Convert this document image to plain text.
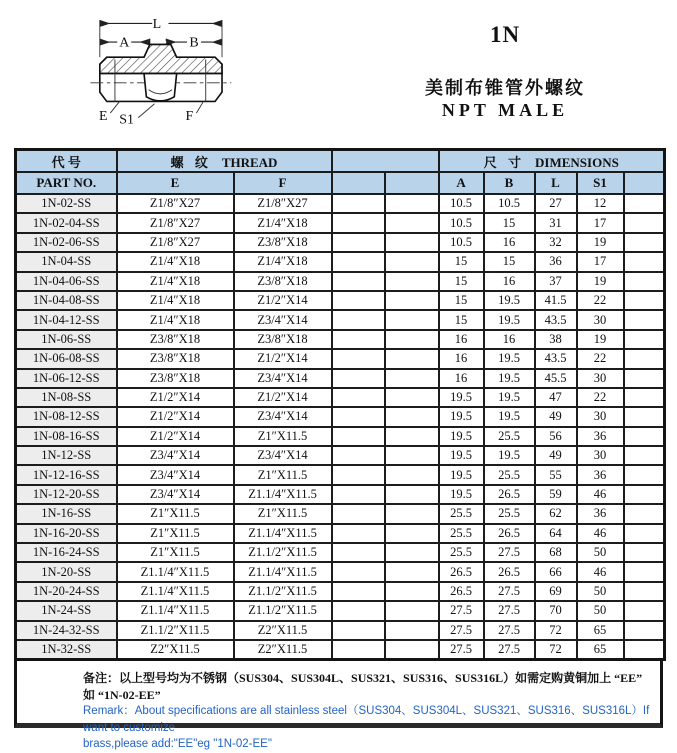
L
A	B
E S1	F
1N
美制布锥管外螺纹
NPT MALE
代 号	螺 纹 THREAD				尺 寸 DIMENSIONS				
PART NO.	E	F			A	B	L	S1	
1N-02-SS	Z1/8″X27	Z1/8″X27			10.5	10.5	27	12	
1N-02-04-SS	Z1/8″X27	Z1/4″X18			10.5	15	31	17	
1N-02-06-SS	Z1/8″X27	Z3/8″X18			10.5	16	32	19	
1N-04-SS	Z1/4″X18	Z1/4″X18			15	15	36	17	
1N-04-06-SS	Z1/4″X18	Z3/8″X18			15	16	37	19	
1N-04-08-SS	Z1/4″X18	Z1/2″X14			15	19.5	41.5	22	
1N-04-12-SS	Z1/4″X18	Z3/4″X14			15	19.5	43.5	30	
1N-06-SS	Z3/8″X18	Z3/8″X18			16	16	38	19	
1N-06-08-SS	Z3/8″X18	Z1/2″X14			16	19.5	43.5	22	
1N-06-12-SS	Z3/8″X18	Z3/4″X14			16	19.5	45.5	30	
1N-08-SS	Z1/2″X14	Z1/2″X14			19.5	19.5	47	22	
1N-08-12-SS	Z1/2″X14	Z3/4″X14			19.5	19.5	49	30	
1N-08-16-SS	Z1/2″X14	Z1″X11.5			19.5	25.5	56	36	
1N-12-SS	Z3/4″X14	Z3/4″X14			19.5	19.5	49	30	
1N-12-16-SS	Z3/4″X14	Z1″X11.5			19.5	25.5	55	36	
1N-12-20-SS	Z3/4″X14	Z1.1/4″X11.5			19.5	26.5	59	46	
1N-16-SS	Z1″X11.5	Z1″X11.5			25.5	25.5	62	36	
1N-16-20-SS	Z1″X11.5	Z1.1/4″X11.5			25.5	26.5	64	46	
1N-16-24-SS	Z1″X11.5	Z1.1/2″X11.5			25.5	27.5	68	50	
1N-20-SS	Z1.1/4″X11.5	Z1.1/4″X11.5			26.5	26.5	66	46	
1N-20-24-SS	Z1.1/4″X11.5	Z1.1/2″X11.5			26.5	27.5	69	50	
1N-24-SS	Z1.1/4″X11.5	Z1.1/2″X11.5			27.5	27.5	70	50	
1N-24-32-SS	Z1.1/2″X11.5	Z2″X11.5			27.5	27.5	72	65	
1N-32-SS	Z2″X11.5	Z2″X11.5			27.5	27.5	72	65	
备注：以上型号均为不锈钢（SUS304、SUS304L、SUS321、SUS316、SUS316L）如需定购黄铜加上 “EE” 如 “1N-02-EE”
Remark：About specifications are all stainless steel（SUS304、SUS304L、SUS321、SUS316、SUS316L）If want to customize
brass,please add:"EE"eg "1N-02-EE"
